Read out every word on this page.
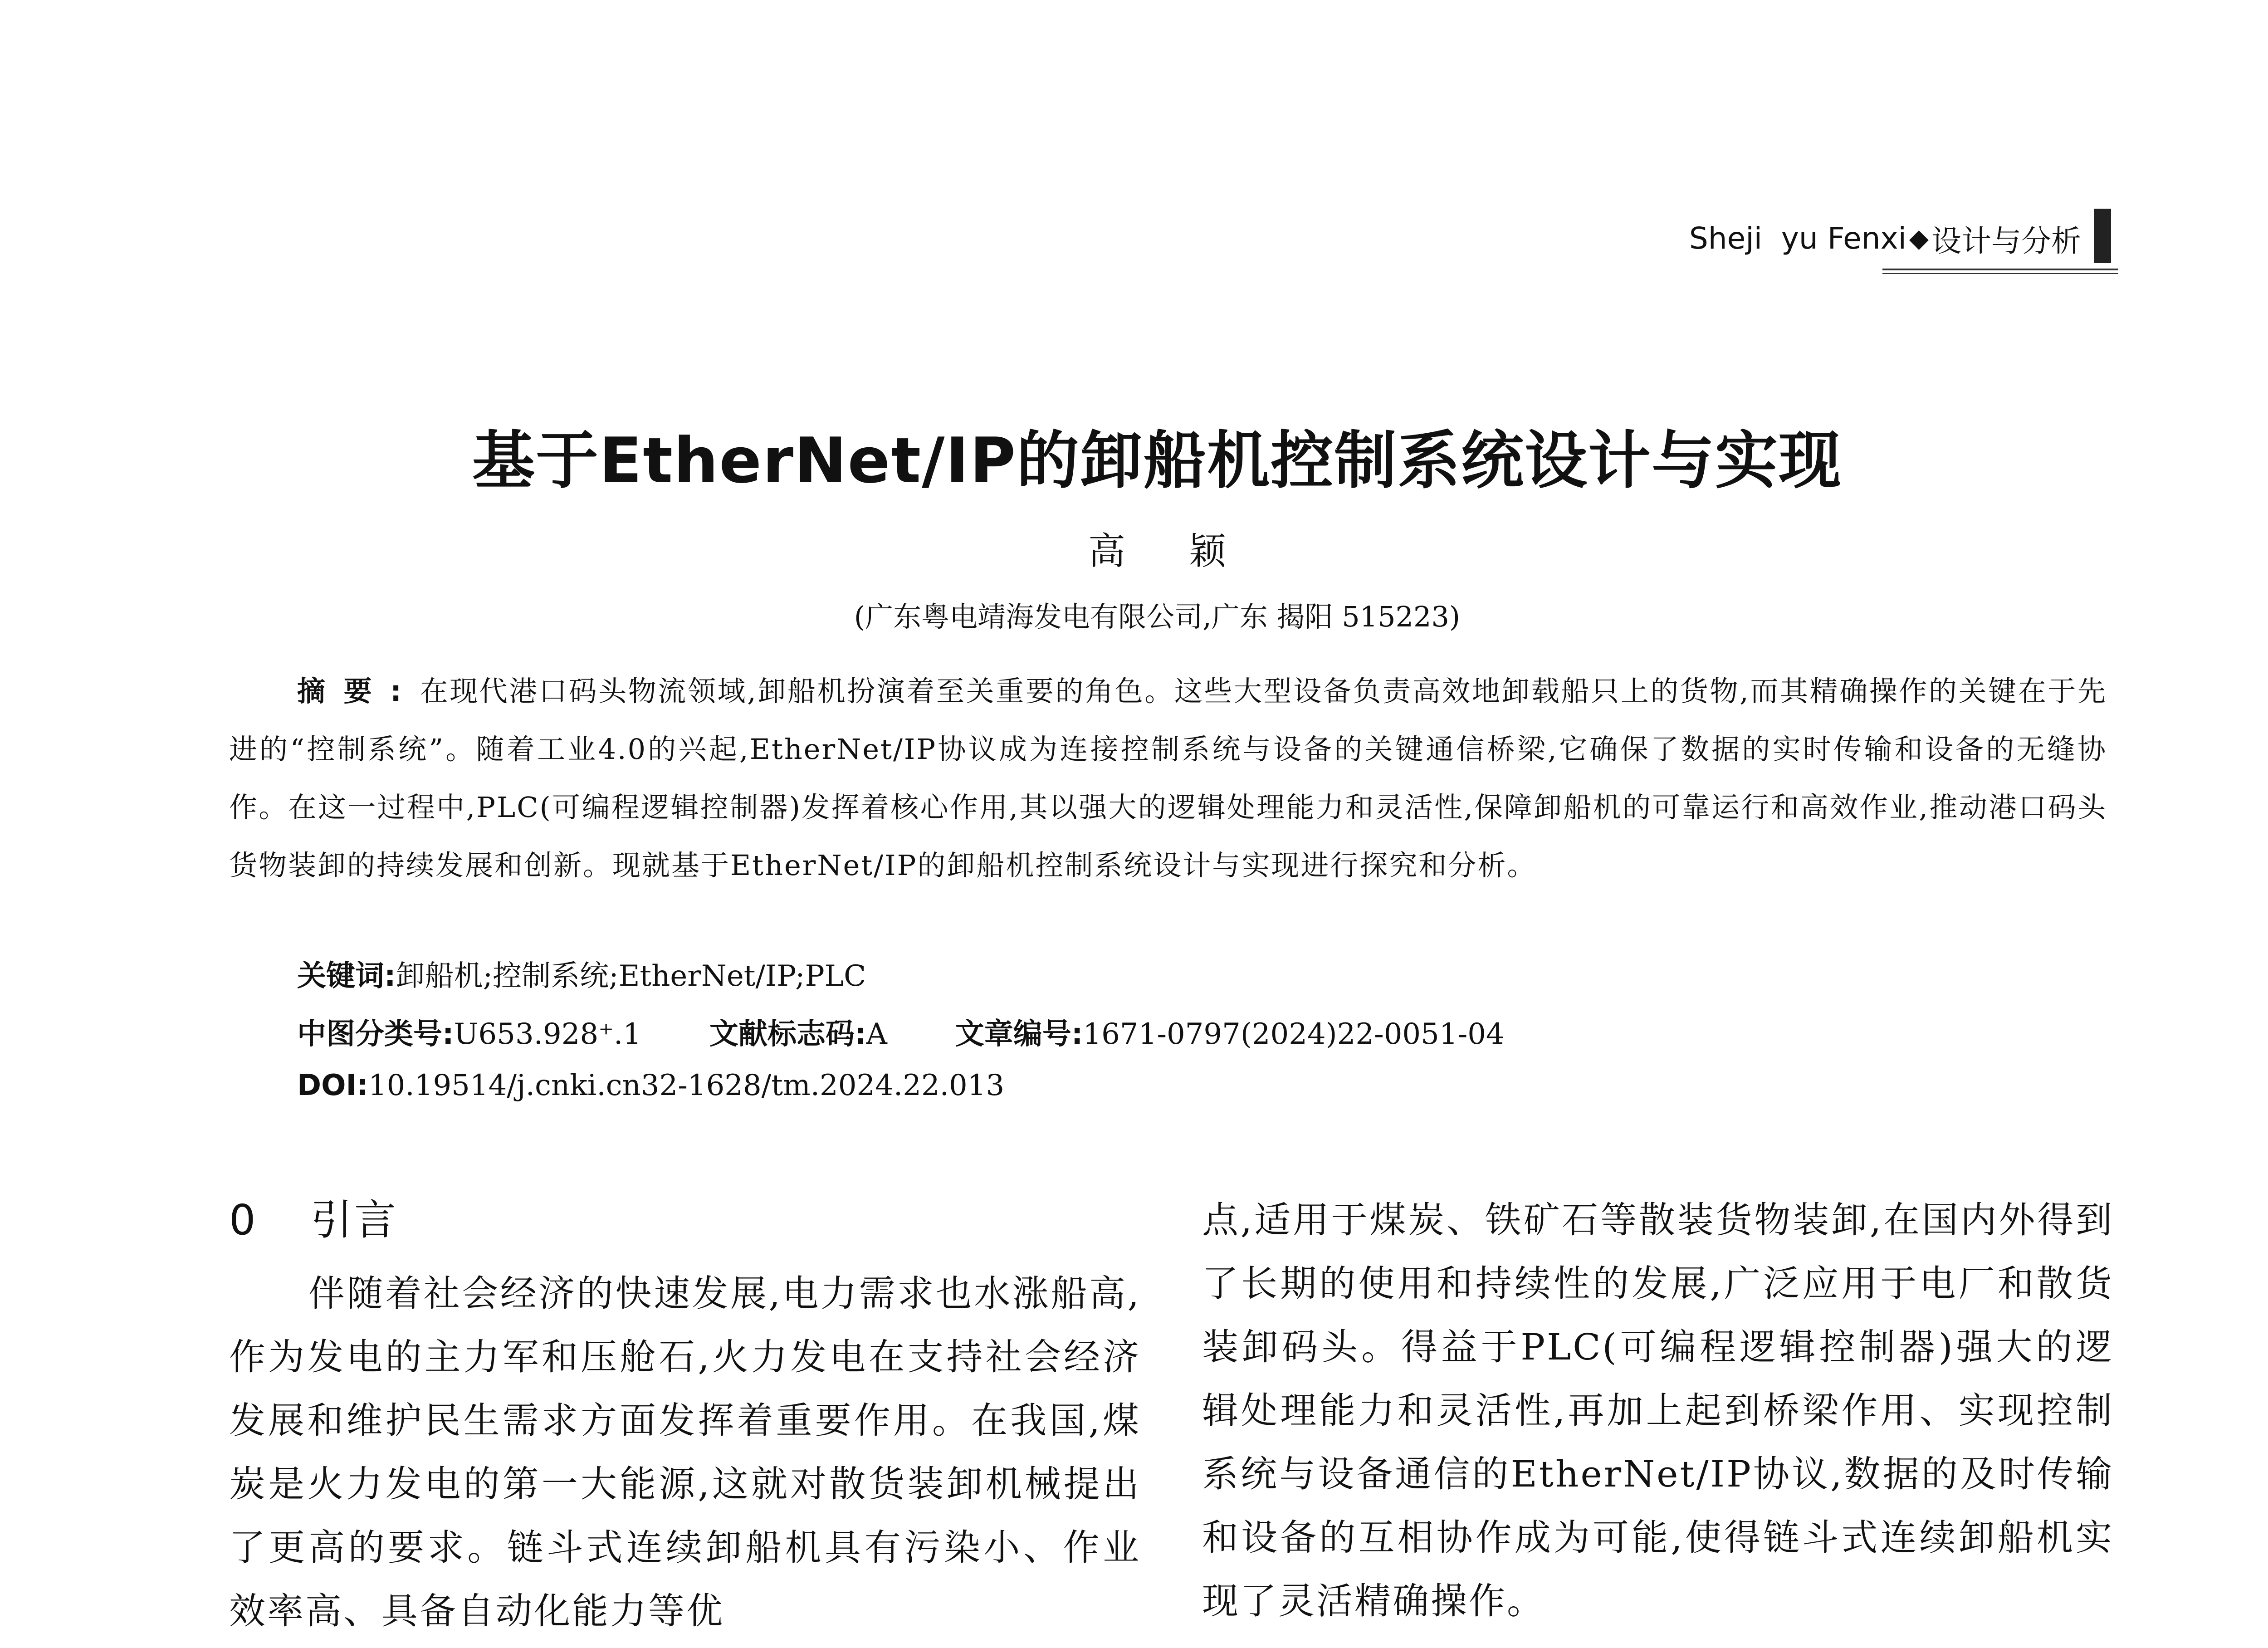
Sheji  yu Fenxi ◆ 设计与分析
基于EtherNet/IP的卸船机控制系统设计与实现
高颖
(广东粤电靖海发电有限公司,广东 揭阳 515223)

摘要:在现代港口码头物流领域,卸船机扮演着至关重要的角色。这些大型设备负责高效地卸载船只上的货物,而其精确操作的关键在于先进的“控制系统”。随着工业4.0的兴起,EtherNet/IP协议成为连接控制系统与设备的关键通信桥梁,它确保了数据的实时传输和设备的无缝协作。在这一过程中,PLC(可编程逻辑控制器)发挥着核心作用,其以强大的逻辑处理能力和灵活性,保障卸船机的可靠运行和高效作业,推动港口码头货物装卸的持续发展和创新。现就基于EtherNet/IP的卸船机控制系统设计与实现进行探究和分析。

关键词:卸船机;控制系统;EtherNet/IP;PLC
中图分类号:U653.928⁺.1 文献标志码:A 文章编号:1671-0797(2024)22-0051-04
DOI:10.19514/j.cnki.cn32-1628/tm.2024.22.013
0 引言

伴随着社会经济的快速发展,电力需求也水涨船高,作为发电的主力军和压舱石,火力发电在支持社会经济发展和维护民生需求方面发挥着重要作用。在我国,煤炭是火力发电的第一大能源,这就对散货装卸机械提出了更高的要求。链斗式连续卸船机具有污染小、作业效率高、具备自动化能力等优

点,适用于煤炭、铁矿石等散装货物装卸,在国内外得到了长期的使用和持续性的发展,广泛应用于电厂和散货装卸码头。得益于PLC(可编程逻辑控制器)强大的逻辑处理能力和灵活性,再加上起到桥梁作用、实现控制系统与设备通信的EtherNet/IP协议,数据的及时传输和设备的互相协作成为可能,使得链斗式连续卸船机实现了灵活精确操作。
